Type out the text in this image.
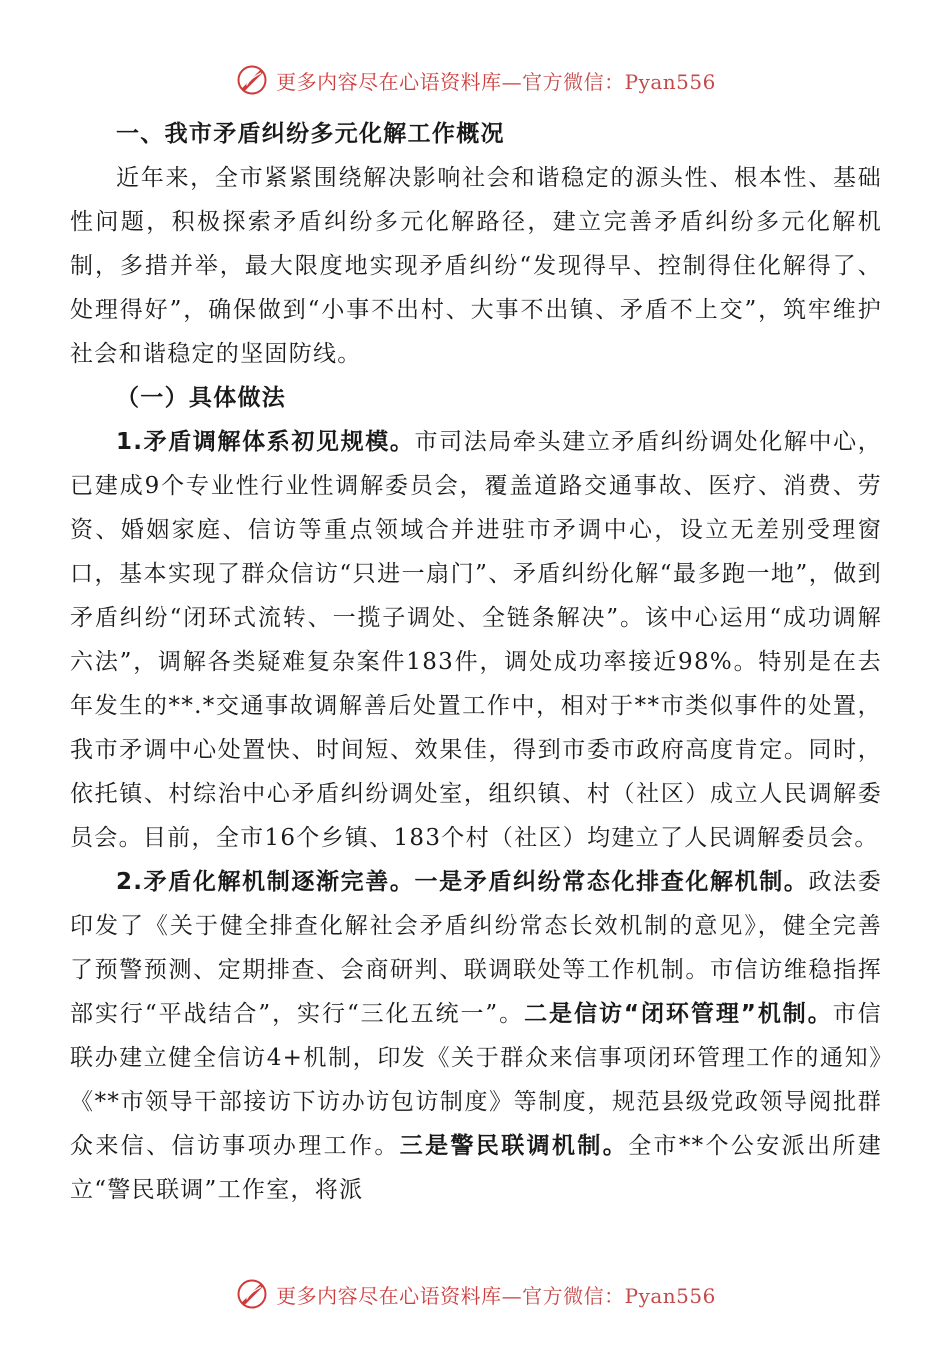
更多内容尽在心语资料库—官方微信：Pyan556

一、我市矛盾纠纷多元化解工作概况

近年来，全市紧紧围绕解决影响社会和谐稳定的源头性、根本性、基础性问题，积极探索矛盾纠纷多元化解路径，建立完善矛盾纠纷多元化解机制，多措并举，最大限度地实现矛盾纠纷“发现得早、控制得住化解得了、处理得好”，确保做到“小事不出村、大事不出镇、矛盾不上交”，筑牢维护社会和谐稳定的坚固防线。

（一）具体做法

1.矛盾调解体系初见规模。市司法局牵头建立矛盾纠纷调处化解中心，已建成9个专业性行业性调解委员会，覆盖道路交通事故、医疗、消费、劳资、婚姻家庭、信访等重点领域合并进驻市矛调中心，设立无差别受理窗口，基本实现了群众信访“只进一扇门”、矛盾纠纷化解“最多跑一地”，做到矛盾纠纷“闭环式流转、一揽子调处、全链条解决”。该中心运用“成功调解六法”，调解各类疑难复杂案件183件，调处成功率接近98%。特别是在去年发生的**.*交通事故调解善后处置工作中，相对于**市类似事件的处置，我市矛调中心处置快、时间短、效果佳，得到市委市政府高度肯定。同时，依托镇、村综治中心矛盾纠纷调处室，组织镇、村（社区）成立人民调解委员会。目前，全市16个乡镇、183个村（社区）均建立了人民调解委员会。

2.矛盾化解机制逐渐完善。一是矛盾纠纷常态化排查化解机制。政法委印发了《关于健全排查化解社会矛盾纠纷常态长效机制的意见》，健全完善了预警预测、定期排查、会商研判、联调联处等工作机制。市信访维稳指挥部实行“平战结合”，实行“三化五统一”。二是信访“闭环管理”机制。市信联办建立健全信访4+机制，印发《关于群众来信事项闭环管理工作的通知》《**市领导干部接访下访办访包访制度》等制度，规范县级党政领导阅批群众来信、信访事项办理工作。三是警民联调机制。全市**个公安派出所建立“警民联调”工作室，将派

更多内容尽在心语资料库—官方微信：Pyan556
